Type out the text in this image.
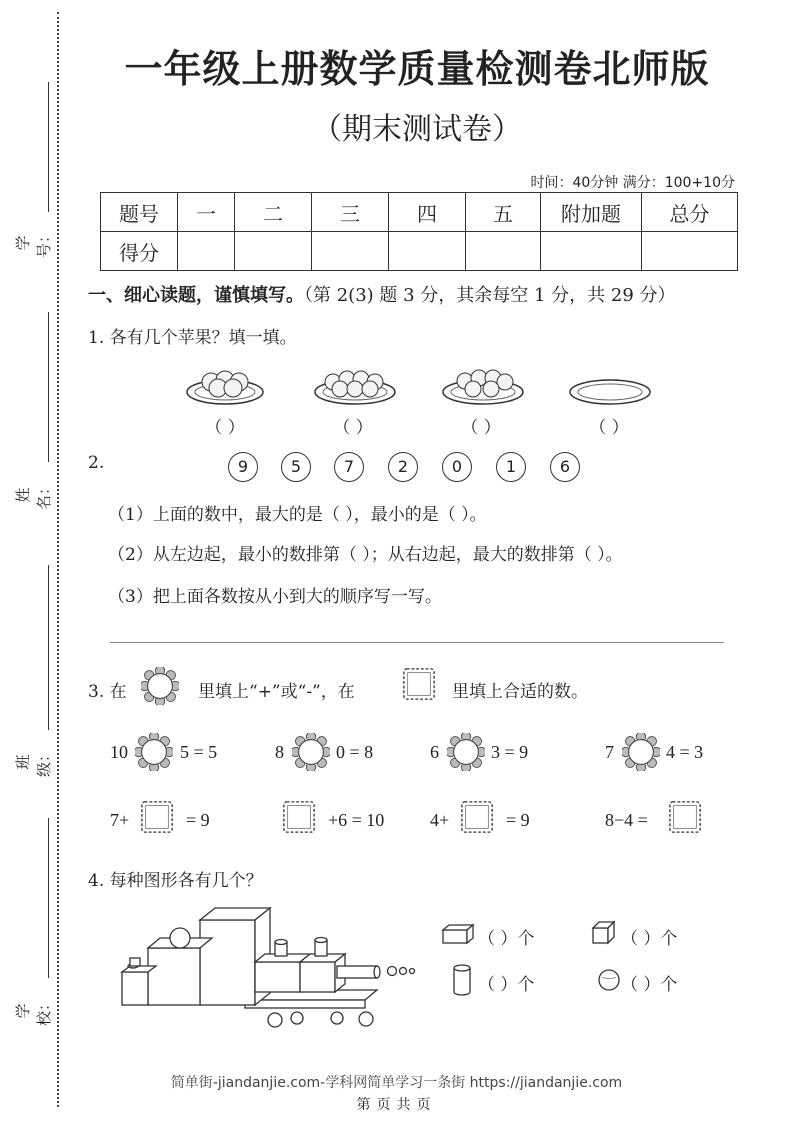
学号：
姓名：
班级：
学校：
一年级上册数学质量检测卷北师版
（期末测试卷）
时间：40分钟 满分：100+10分
题号	一	二	三	四	五	附加题	总分
得分							
一、细心读题，谨慎填写。（第 2(3) 题 3 分，其余每空 1 分，共 29 分）
1. 各有几个苹果？填一填。
（ ）	（ ）	（ ）	（ ）
2.	9	5	7	2	0	1	6
（1）上面的数中，最大的是（ ），最小的是（ ）。
（2）从左边起，最小的数排第（ ）；从右边起，最大的数排第（ ）。
（3）把上面各数按从小到大的顺序写一写。
3. 在	里填上“+”或“-”，在	里填上合适的数。
10	5 = 5	8	0 = 8	6	3 = 9	7	4 = 3
7+	= 9	+6 = 10	4+	= 9	8−4 =
4. 每种图形各有几个？
（ ）个	（ ）个
（ ）个	（ ）个
简单街-jiandanjie.com-学科网简单学习一条街 https://jiandanjie.com
第页共页
